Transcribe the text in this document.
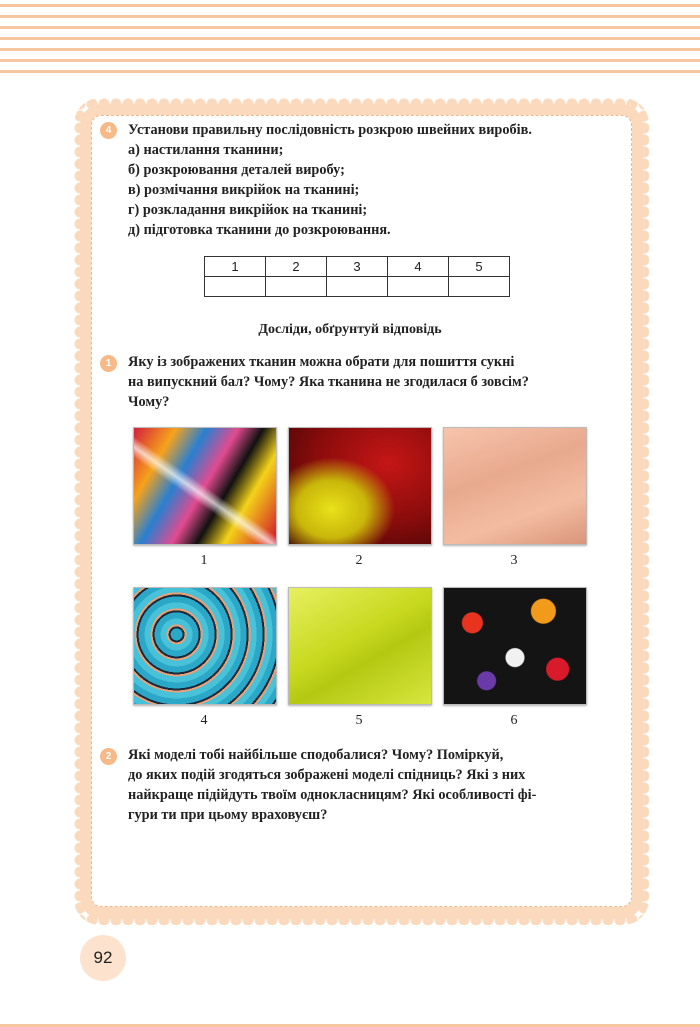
4	Установи правильну послідовність розкрою швейних виробів.
а) настилання тканини;
б) розкроювання деталей виробу;
в) розмічання викрійок на тканині;
г) розкладання викрійок на тканині;
д) підготовка тканини до розкроювання.
1	2	3	4	5

Досліди, обґрунтуй відповідь
1	Яку із зображених тканин можна обрати для пошиття сукні
на випускний бал? Чому? Яка тканина не згодилася б зовсім?
Чому?
1	2	3
4	5	6
2	Які моделі тобі найбільше сподобалися? Чому? Поміркуй,
до яких подій згодяться зображені моделі спідниць? Які з них
найкраще підійдуть твоїм однокласницям? Які особливості фі-
гури ти при цьому враховуєш?
92
